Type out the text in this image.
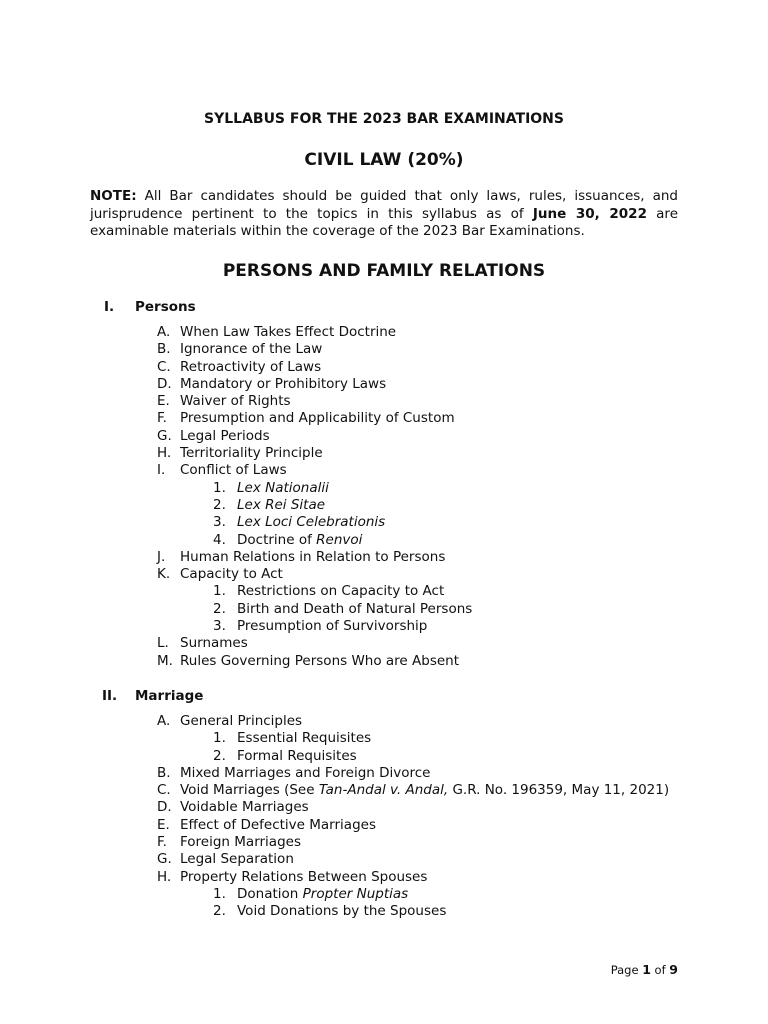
SYLLABUS FOR THE 2023 BAR EXAMINATIONS
CIVIL LAW (20%)
NOTE: All Bar candidates should be guided that only laws, rules, issuances, and jurisprudence pertinent to the topics in this syllabus as of June 30, 2022 are examinable materials within the coverage of the 2023 Bar Examinations.
PERSONS AND FAMILY RELATIONS
I. Persons
A. When Law Takes Effect Doctrine
B. Ignorance of the Law
C. Retroactivity of Laws
D. Mandatory or Prohibitory Laws
E. Waiver of Rights
F. Presumption and Applicability of Custom
G. Legal Periods
H. Territoriality Principle
I. Conflict of Laws
1. Lex Nationalii
2. Lex Rei Sitae
3. Lex Loci Celebrationis
4. Doctrine of Renvoi
J. Human Relations in Relation to Persons
K. Capacity to Act
1. Restrictions on Capacity to Act
2. Birth and Death of Natural Persons
3. Presumption of Survivorship
L. Surnames
M. Rules Governing Persons Who are Absent
II. Marriage
A. General Principles
1. Essential Requisites
2. Formal Requisites
B. Mixed Marriages and Foreign Divorce
C. Void Marriages (See Tan-Andal v. Andal, G.R. No. 196359, May 11, 2021)
D. Voidable Marriages
E. Effect of Defective Marriages
F. Foreign Marriages
G. Legal Separation
H. Property Relations Between Spouses
1. Donation Propter Nuptias
2. Void Donations by the Spouses
Page 1 of 9
